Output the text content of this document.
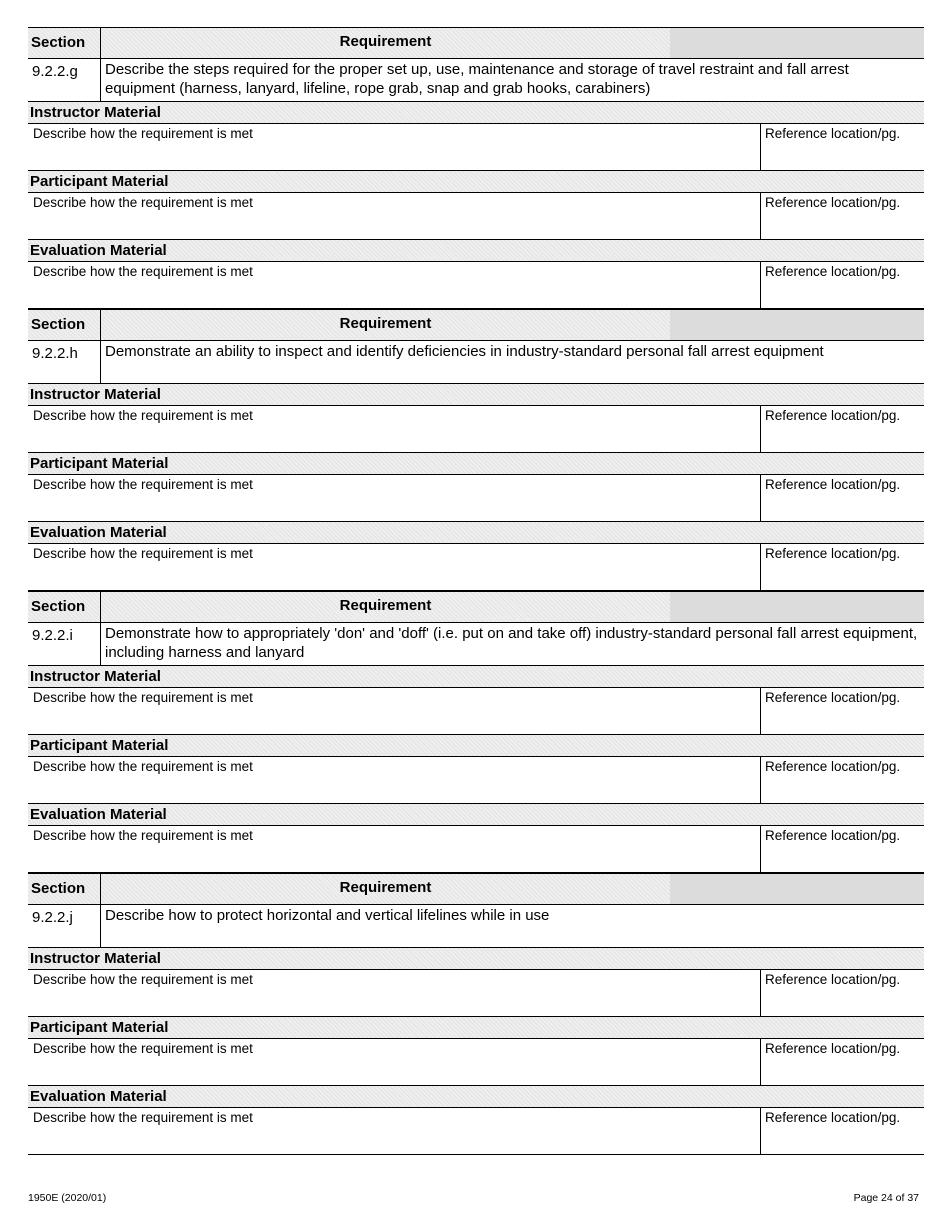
Section	Requirement
9.2.2.g	Describe the steps required for the proper set up, use, maintenance and storage of travel restraint and fall arrest equipment (harness, lanyard, lifeline, rope grab, snap and grab hooks, carabiners)
Instructor Material
Describe how the requirement is met	Reference location/pg.
Participant Material
Describe how the requirement is met	Reference location/pg.
Evaluation Material
Describe how the requirement is met	Reference location/pg.
Section	Requirement
9.2.2.h	Demonstrate an ability to inspect and identify deficiencies in industry-standard personal fall arrest equipment
Instructor Material
Describe how the requirement is met	Reference location/pg.
Participant Material
Describe how the requirement is met	Reference location/pg.
Evaluation Material
Describe how the requirement is met	Reference location/pg.
Section	Requirement
9.2.2.i	Demonstrate how to appropriately 'don' and 'doff' (i.e. put on and take off) industry-standard personal fall arrest equipment, including harness and lanyard
Instructor Material
Describe how the requirement is met	Reference location/pg.
Participant Material
Describe how the requirement is met	Reference location/pg.
Evaluation Material
Describe how the requirement is met	Reference location/pg.
Section	Requirement
9.2.2.j	Describe how to protect horizontal and vertical lifelines while in use
Instructor Material
Describe how the requirement is met	Reference location/pg.
Participant Material
Describe how the requirement is met	Reference location/pg.
Evaluation Material
Describe how the requirement is met	Reference location/pg.
1950E (2020/01)	Page 24 of 37
